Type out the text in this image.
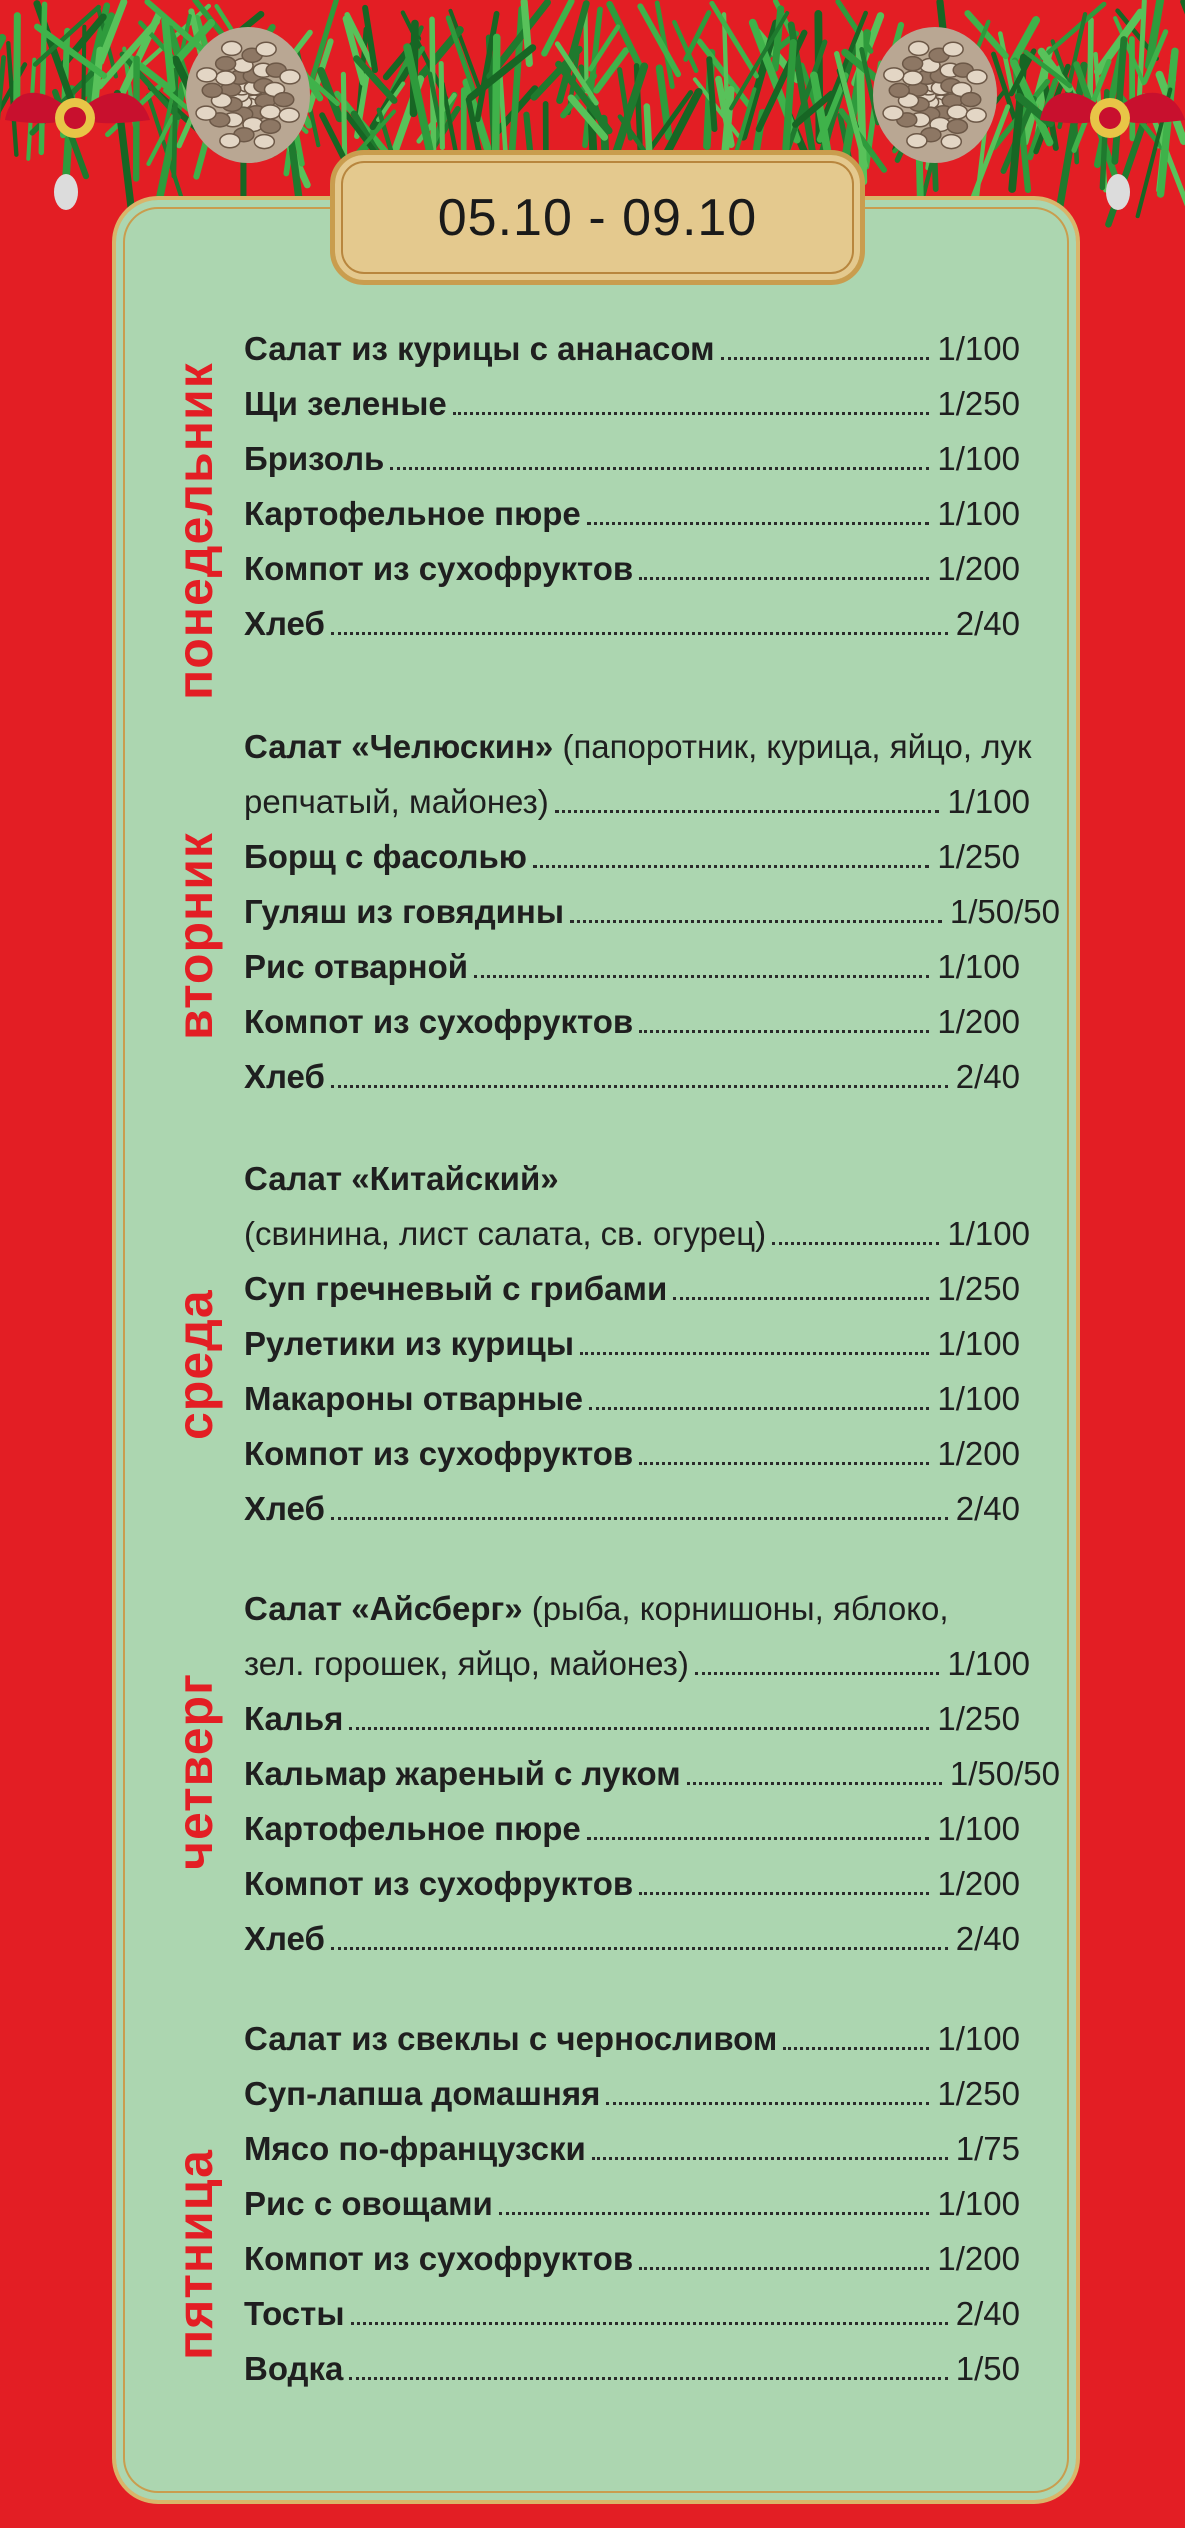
05.10 - 09.10
понедельник
Салат из курицы с ананасом	1/100
Щи зеленые	1/250
Бризоль	1/100
Картофельное пюре	1/100
Компот из сухофруктов	1/200
Хлеб	2/40
вторник
Салат «Челюскин» (папоротник, курица, яйцо, лук
репчатый, майонез)	1/100
Борщ с фасолью	1/250
Гуляш из говядины	1/50/50
Рис отварной	1/100
Компот из сухофруктов	1/200
Хлеб	2/40
среда
Салат «Китайский»
(свинина, лист салата, св. огурец)	1/100
Суп гречневый с грибами	1/250
Рулетики из курицы	1/100
Макароны отварные	1/100
Компот из сухофруктов	1/200
Хлеб	2/40
четверг
Салат «Айсберг» (рыба, корнишоны, яблоко,
зел. горошек, яйцо, майонез)	1/100
Калья	1/250
Кальмар жареный с луком	1/50/50
Картофельное пюре	1/100
Компот из сухофруктов	1/200
Хлеб	2/40
пятница
Салат из свеклы с черносливом	1/100
Суп-лапша домашняя	1/250
Мясо по-французски	1/75
Рис с овощами	1/100
Компот из сухофруктов	1/200
Тосты	2/40
Водка	1/50
